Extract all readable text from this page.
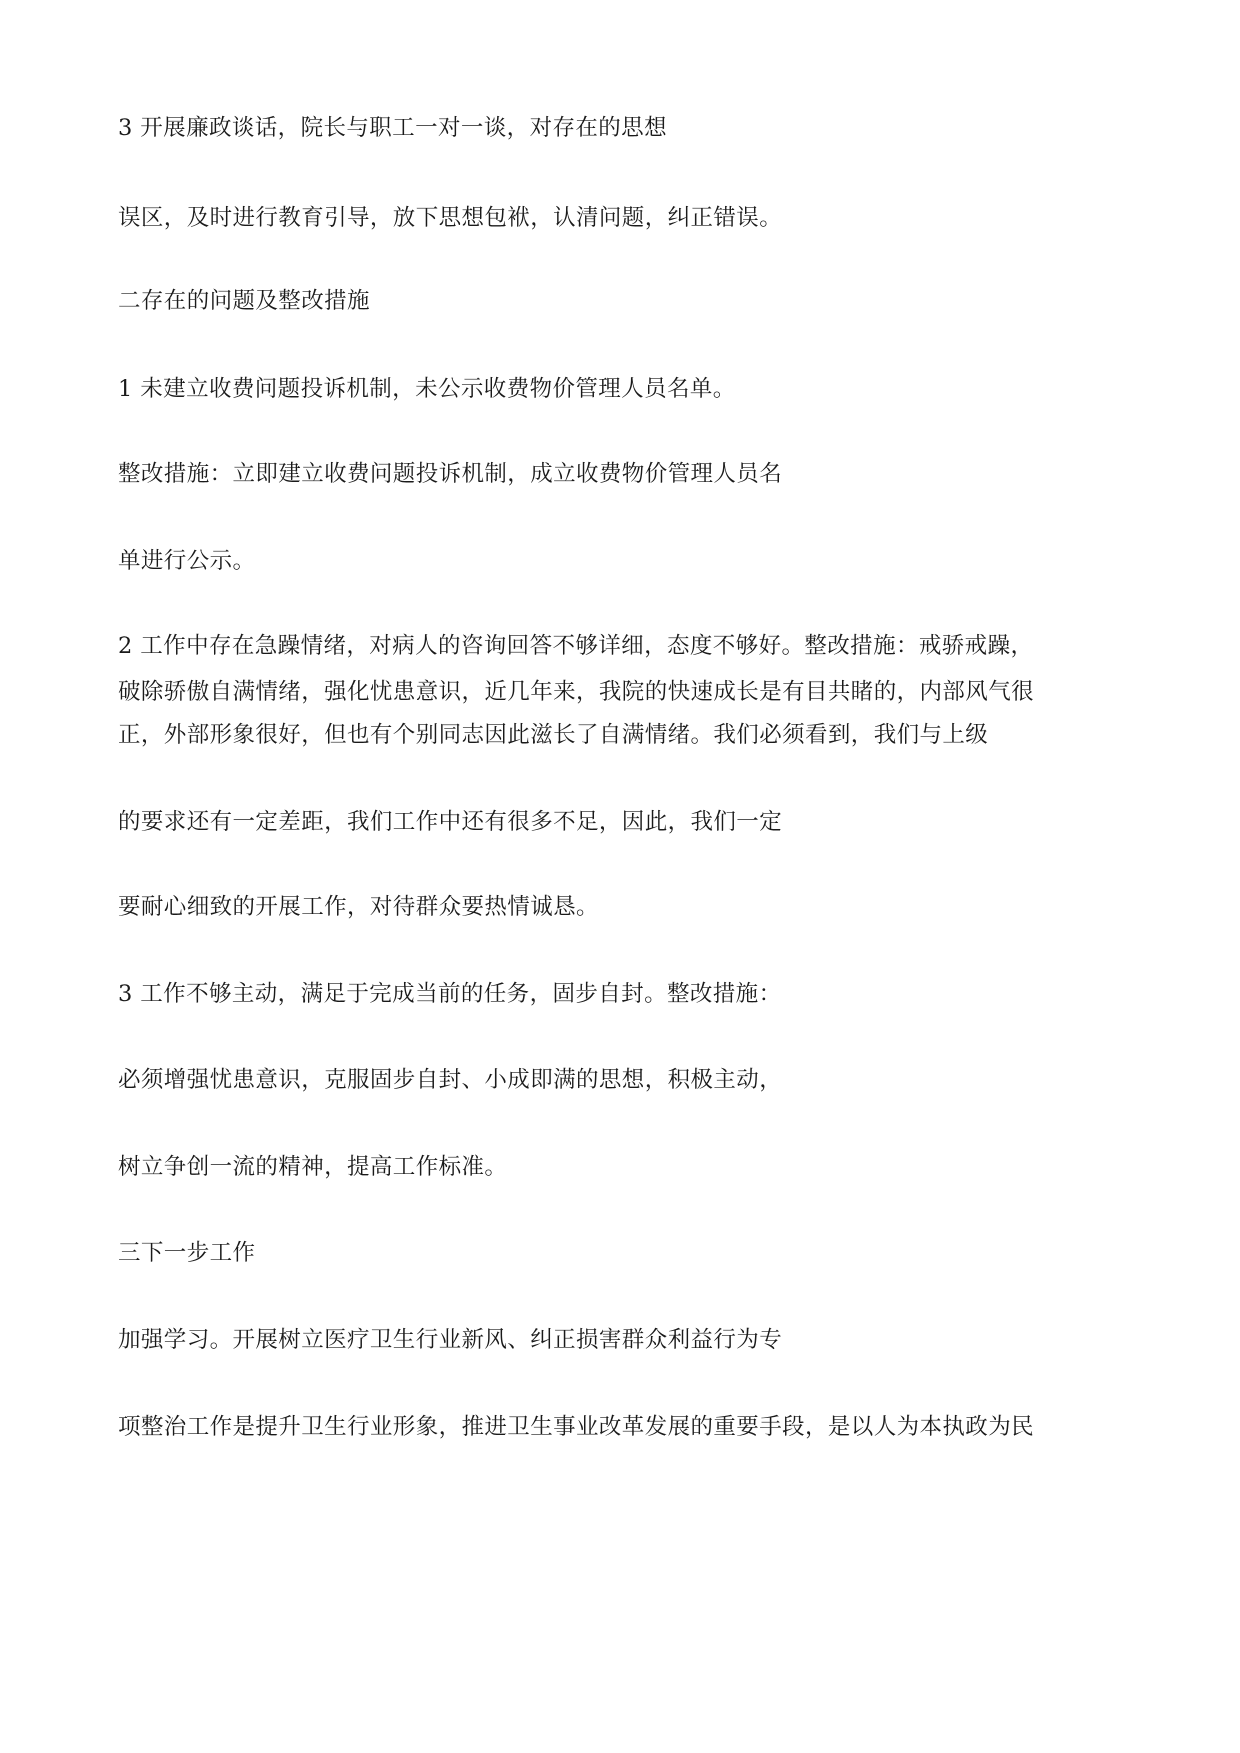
3 开展廉政谈话，院长与职工一对一谈，对存在的思想
误区，及时进行教育引导，放下思想包袱，认清问题，纠正错误。
二存在的问题及整改措施
1 未建立收费问题投诉机制，未公示收费物价管理人员名单。
整改措施：立即建立收费问题投诉机制，成立收费物价管理人员名
单进行公示。
2 工作中存在急躁情绪，对病人的咨询回答不够详细，态度不够好。整改措施：戒骄戒躁，
破除骄傲自满情绪，强化忧患意识，近几年来，我院的快速成长是有目共睹的，内部风气很
正，外部形象很好，但也有个别同志因此滋长了自满情绪。我们必须看到，我们与上级
的要求还有一定差距，我们工作中还有很多不足，因此，我们一定
要耐心细致的开展工作，对待群众要热情诚恳。
3 工作不够主动，满足于完成当前的任务，固步自封。整改措施：
必须增强忧患意识，克服固步自封、小成即满的思想，积极主动，
树立争创一流的精神，提高工作标准。
三下一步工作
加强学习。开展树立医疗卫生行业新风、纠正损害群众利益行为专
项整治工作是提升卫生行业形象，推进卫生事业改革发展的重要手段，是以人为本执政为民
